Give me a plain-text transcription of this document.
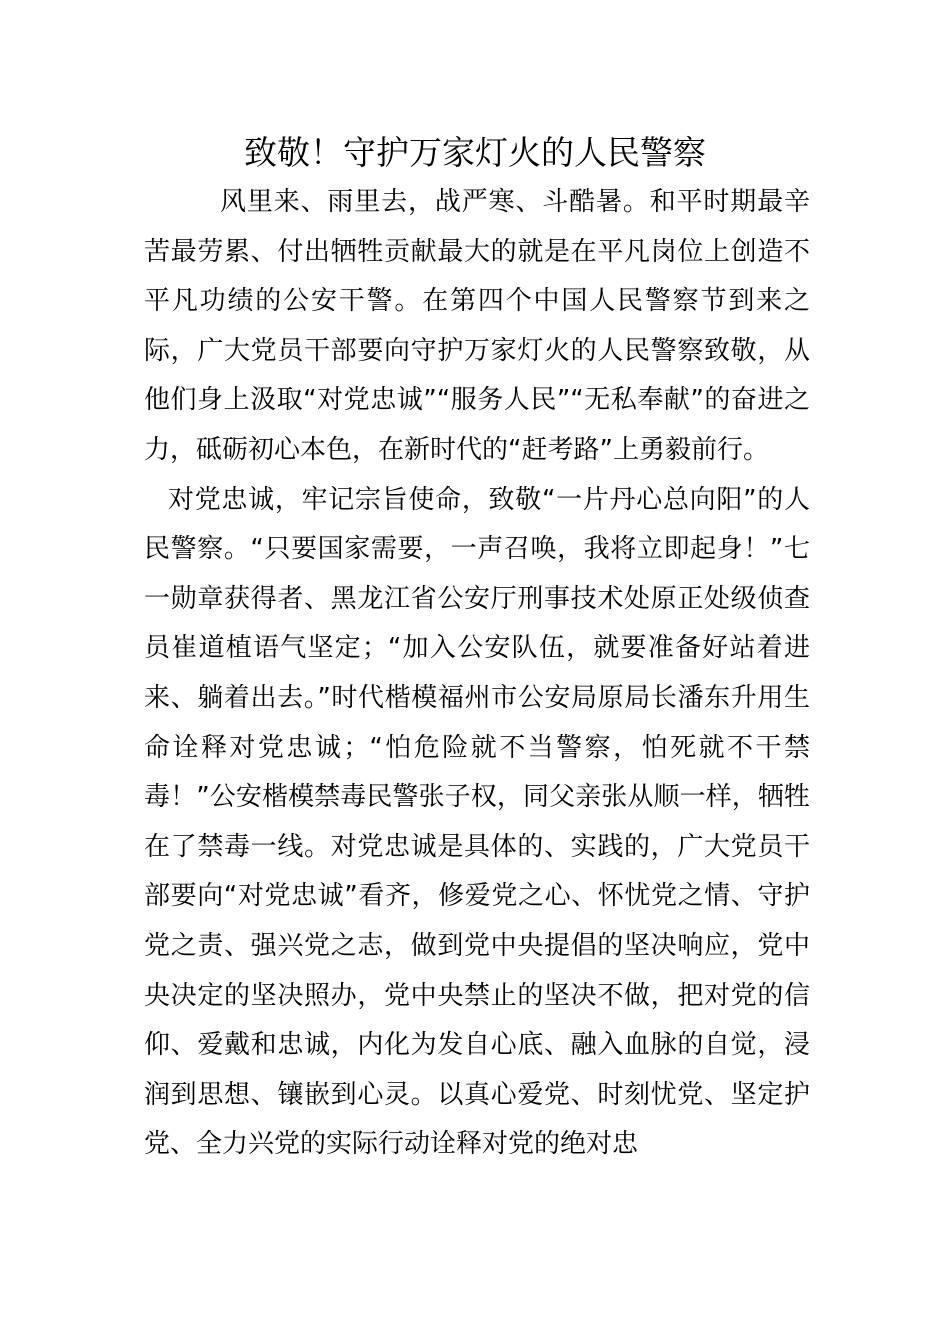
致敬！守护万家灯火的人民警察

风里来、雨里去，战严寒、斗酷暑。和平时期最辛苦最劳累、付出牺牲贡献最大的就是在平凡岗位上创造不平凡功绩的公安干警。在第四个中国人民警察节到来之际，广大党员干部要向守护万家灯火的人民警察致敬，从他们身上汲取“对党忠诚”“服务人民”“无私奉献”的奋进之力，砥砺初心本色，在新时代的“赶考路”上勇毅前行。

对党忠诚，牢记宗旨使命，致敬“一片丹心总向阳”的人民警察。“只要国家需要，一声召唤，我将立即起身！”七一勋章获得者、黑龙江省公安厅刑事技术处原正处级侦查员崔道植语气坚定；“加入公安队伍，就要准备好站着进来、躺着出去。”时代楷模福州市公安局原局长潘东升用生命诠释对党忠诚；“怕危险就不当警察，怕死就不干禁毒！”公安楷模禁毒民警张子权，同父亲张从顺一样，牺牲在了禁毒一线。对党忠诚是具体的、实践的，广大党员干部要向“对党忠诚”看齐，修爱党之心、怀忧党之情、守护党之责、强兴党之志，做到党中央提倡的坚决响应，党中央决定的坚决照办，党中央禁止的坚决不做，把对党的信仰、爱戴和忠诚，内化为发自心底、融入血脉的自觉，浸润到思想、镶嵌到心灵。以真心爱党、时刻忧党、坚定护党、全力兴党的实际行动诠释对党的绝对忠
